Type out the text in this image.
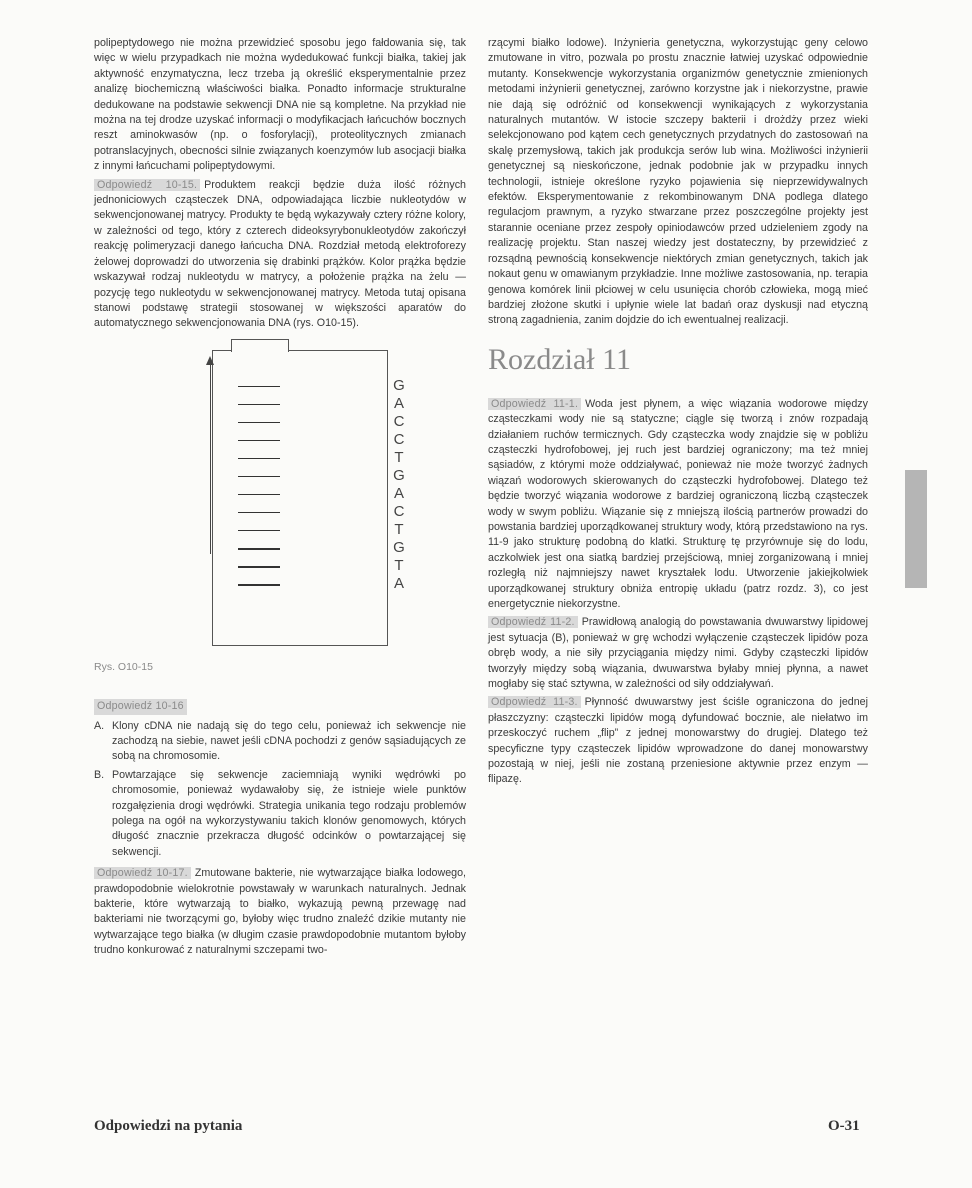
polipeptydowego nie można przewidzieć sposobu jego fałdowania się, tak więc w wielu przypadkach nie można wydedukować funkcji białka, takiej jak aktywność enzymatyczna, lecz trzeba ją określić eksperymentalnie przez analizę biochemiczną właściwości białka. Ponadto informacje strukturalne dedukowane na podstawie sekwencji DNA nie są kompletne. Na przykład nie można na tej drodze uzyskać informacji o modyfikacjach łańcuchów bocznych reszt aminokwasów (np. o fosforylacji), proteolitycznych zmianach potranslacyjnych, obecności silnie związanych koenzymów lub asocjacji białka z innymi łańcuchami polipeptydowymi.

Odpowiedź 10-15. Produktem reakcji będzie duża ilość różnych jednoniciowych cząsteczek DNA, odpowiadająca liczbie nukleotydów w sekwencjonowanej matrycy. Produkty te będą wykazywały cztery różne kolory, w zależności od tego, który z czterech dideoksyrybonukleotydów zakończył reakcję polimeryzacji danego łańcucha DNA. Rozdział metodą elektroforezy żelowej doprowadzi do utworzenia się drabinki prążków. Kolor prążka będzie wskazywał rodzaj nukleotydu w matrycy, a położenie prążka na żelu — pozycję tego nukleotydu w sekwencjonowanej matrycy. Metoda tutaj opisana stanowi podstawę strategii stosowanej w większości aparatów do automatycznego sekwencjonowania DNA (rys. O10-15).

G
A
C
C
T
G
A
C
T
G
T
A
Rys. O10-15
Odpowiedź 10-16
A. Klony cDNA nie nadają się do tego celu, ponieważ ich sekwencje nie zachodzą na siebie, nawet jeśli cDNA pochodzi z genów sąsiadujących ze sobą na chromosomie.
B. Powtarzające się sekwencje zaciemniają wyniki wędrówki po chromosomie, ponieważ wydawałoby się, że istnieje wiele punktów rozgałęzienia drogi wędrówki. Strategia unikania tego rodzaju problemów polega na ogół na wykorzystywaniu takich klonów genomowych, których długość znacznie przekracza długość odcinków o powtarzającej się sekwencji.

Odpowiedź 10-17. Zmutowane bakterie, nie wytwarzające białka lodowego, prawdopodobnie wielokrotnie powstawały w warunkach naturalnych. Jednak bakterie, które wytwarzają to białko, wykazują pewną przewagę nad bakteriami nie tworzącymi go, byłoby więc trudno znaleźć dzikie mutanty nie wytwarzające tego białka (w długim czasie prawdopodobnie mutantom byłoby trudno konkurować z naturalnymi szczepami two-

rzącymi białko lodowe). Inżynieria genetyczna, wykorzystując geny celowo zmutowane in vitro, pozwala po prostu znacznie łatwiej uzyskać odpowiednie mutanty. Konsekwencje wykorzystania organizmów genetycznie zmienionych metodami inżynierii genetycznej, zarówno korzystne jak i niekorzystne, prawie nie dają się odróżnić od konsekwencji wynikających z wykorzystania naturalnych mutantów. W istocie szczepy bakterii i drożdży przez wieki selekcjonowano pod kątem cech genetycznych przydatnych do zastosowań na skalę przemysłową, takich jak produkcja serów lub wina. Możliwości inżynierii genetycznej są nieskończone, jednak podobnie jak w przypadku innych technologii, istnieje określone ryzyko pojawienia się nieprzewidywalnych efektów. Eksperymentowanie z rekombinowanym DNA podlega dlatego regulacjom prawnym, a ryzyko stwarzane przez poszczególne projekty jest starannie oceniane przez zespoły opiniodawców przed udzieleniem zgody na realizację projektu. Stan naszej wiedzy jest dostateczny, by przewidzieć z rozsądną pewnością konsekwencje niektórych zmian genetycznych, takich jak nokaut genu w omawianym przykładzie. Inne możliwe zastosowania, np. terapia genowa komórek linii płciowej w celu usunięcia chorób człowieka, mogą mieć bardziej złożone skutki i upłynie wiele lat badań oraz dyskusji nad etyczną stroną zagadnienia, zanim dojdzie do ich ewentualnej realizacji.

Rozdział 11

Odpowiedź 11-1. Woda jest płynem, a więc wiązania wodorowe między cząsteczkami wody nie są statyczne; ciągle się tworzą i znów rozpadają działaniem ruchów termicznych. Gdy cząsteczka wody znajdzie się w pobliżu cząsteczki hydrofobowej, jej ruch jest bardziej ograniczony; ma też mniej sąsiadów, z którymi może oddziaływać, ponieważ nie może tworzyć żadnych wiązań wodorowych skierowanych do cząsteczki hydrofobowej. Dlatego też będzie tworzyć wiązania wodorowe z bardziej ograniczoną liczbą cząsteczek wody w swym pobliżu. Wiązanie się z mniejszą ilością partnerów prowadzi do powstania bardziej uporządkowanej struktury wody, którą przedstawiono na rys. 11-9 jako strukturę podobną do klatki. Strukturę tę przyrównuje się do lodu, aczkolwiek jest ona siatką bardziej przejściową, mniej zorganizowaną i mniej rozległą niż najmniejszy nawet kryształek lodu. Utworzenie jakiejkolwiek uporządkowanej struktury obniża entropię układu (patrz rozdz. 3), co jest energetycznie niekorzystne.

Odpowiedź 11-2. Prawidłową analogią do powstawania dwuwarstwy lipidowej jest sytuacja (B), ponieważ w grę wchodzi wyłączenie cząsteczek lipidów poza obręb wody, a nie siły przyciągania między nimi. Gdyby cząsteczki lipidów tworzyły między sobą wiązania, dwuwarstwa byłaby mniej płynna, a nawet mogłaby się stać sztywna, w zależności od siły oddziaływań.

Odpowiedź 11-3. Płynność dwuwarstwy jest ściśle ograniczona do jednej płaszczyzny: cząsteczki lipidów mogą dyfundować bocznie, ale niełatwo im przeskoczyć ruchem „flip” z jednej monowarstwy do drugiej. Dlatego też specyficzne typy cząsteczek lipidów wprowadzone do danej monowarstwy pozostają w niej, jeśli nie zostaną przeniesione aktywnie przez enzym — flipazę.

Odpowiedzi na pytania	O-31
